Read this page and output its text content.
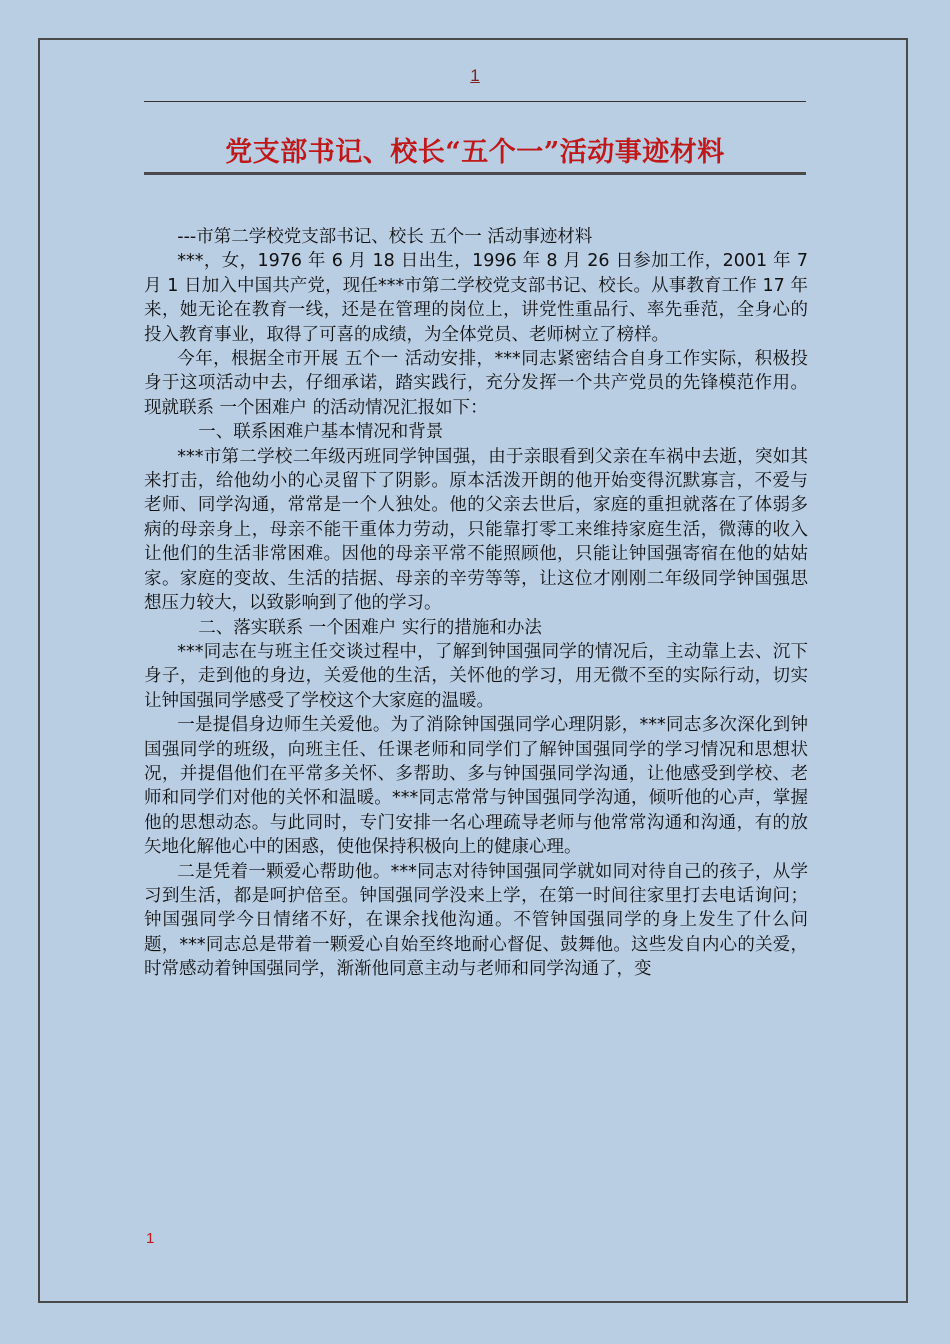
1
党支部书记、校长“五个一”活动事迹材料

---市第二学校党支部书记、校长 五个一 活动事迹材料

***，女，1976 年 6 月 18 日出生，1996 年 8 月 26 日参加工作，2001 年 7 月 1 日加入中国共产党，现任***市第二学校党支部书记、校长。从事教育工作 17 年来，她无论在教育一线，还是在管理的岗位上，讲党性重品行、率先垂范，全身心的投入教育事业，取得了可喜的成绩，为全体党员、老师树立了榜样。

今年，根据全市开展 五个一 活动安排，***同志紧密结合自身工作实际，积极投身于这项活动中去，仔细承诺，踏实践行，充分发挥一个共产党员的先锋模范作用。现就联系 一个困难户 的活动情况汇报如下：

一、联系困难户基本情况和背景

***市第二学校二年级丙班同学钟国强，由于亲眼看到父亲在车祸中去逝，突如其来打击，给他幼小的心灵留下了阴影。原本活泼开朗的他开始变得沉默寡言，不爱与老师、同学沟通，常常是一个人独处。他的父亲去世后，家庭的重担就落在了体弱多病的母亲身上，母亲不能干重体力劳动，只能靠打零工来维持家庭生活，微薄的收入让他们的生活非常困难。因他的母亲平常不能照顾他，只能让钟国强寄宿在他的姑姑家。家庭的变故、生活的拮据、母亲的辛劳等等，让这位才刚刚二年级同学钟国强思想压力较大，以致影响到了他的学习。

二、落实联系 一个困难户 实行的措施和办法

***同志在与班主任交谈过程中，了解到钟国强同学的情况后，主动靠上去、沉下身子，走到他的身边，关爱他的生活，关怀他的学习，用无微不至的实际行动，切实让钟国强同学感受了学校这个大家庭的温暖。

一是提倡身边师生关爱他。为了消除钟国强同学心理阴影，***同志多次深化到钟国强同学的班级，向班主任、任课老师和同学们了解钟国强同学的学习情况和思想状况，并提倡他们在平常多关怀、多帮助、多与钟国强同学沟通，让他感受到学校、老师和同学们对他的关怀和温暖。***同志常常与钟国强同学沟通，倾听他的心声，掌握他的思想动态。与此同时，专门安排一名心理疏导老师与他常常沟通和沟通，有的放矢地化解他心中的困惑，使他保持积极向上的健康心理。

二是凭着一颗爱心帮助他。***同志对待钟国强同学就如同对待自己的孩子，从学习到生活，都是呵护倍至。钟国强同学没来上学，在第一时间往家里打去电话询问；钟国强同学今日情绪不好，在课余找他沟通。不管钟国强同学的身上发生了什么问题，***同志总是带着一颗爱心自始至终地耐心督促、鼓舞他。这些发自内心的关爱，时常感动着钟国强同学，渐渐他同意主动与老师和同学沟通了，变

1
